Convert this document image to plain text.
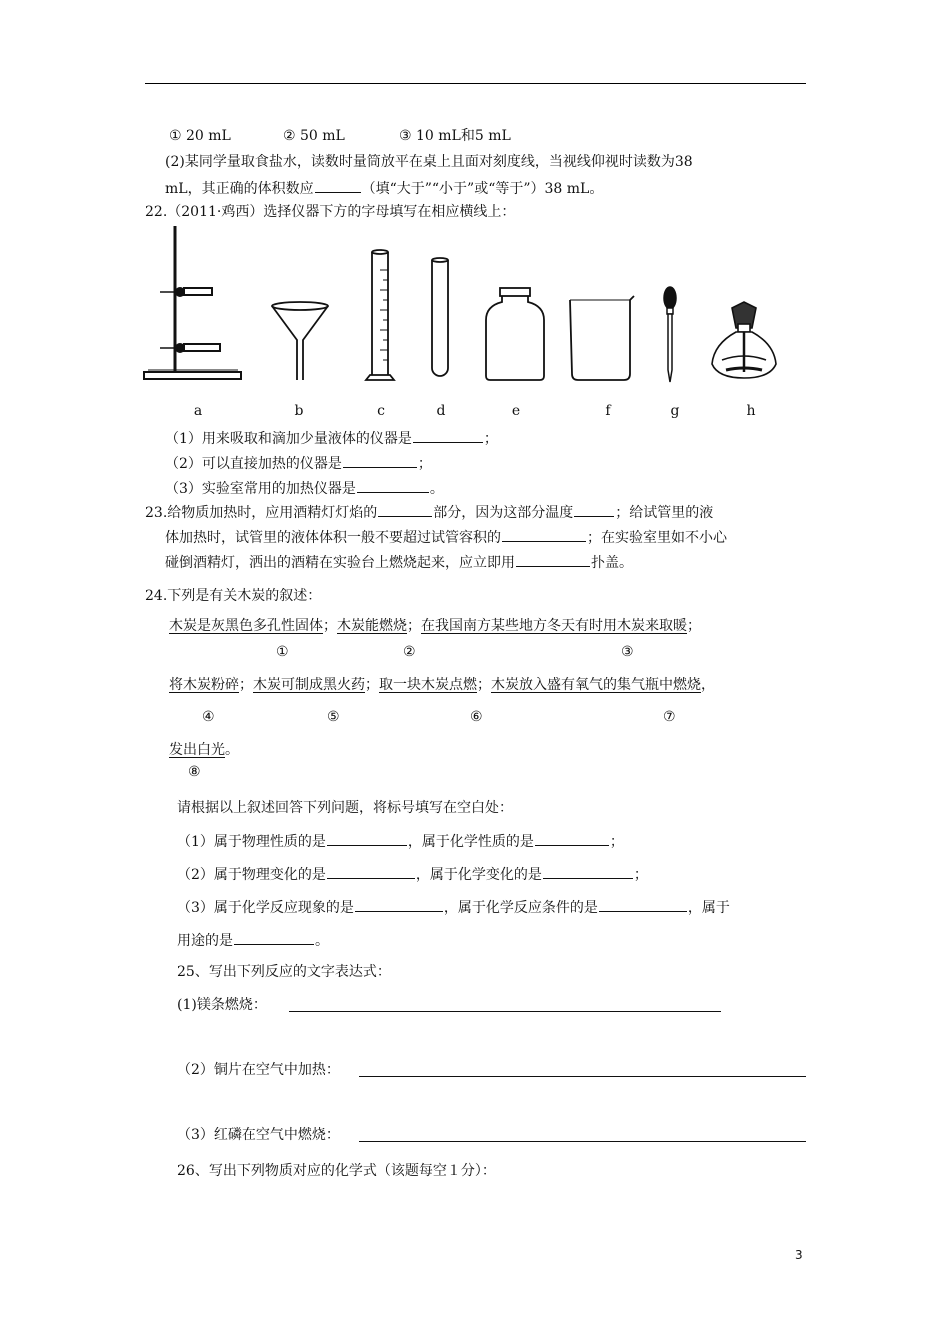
① 20 mL	② 50 mL	③ 10 mL和5 mL
(2)某同学量取食盐水，读数时量筒放平在桌上且面对刻度线，当视线仰视时读数为38
mL，其正确的体积数应	（填“大于”“小于”或“等于”）38 mL。
22.（2011·鸡西）选择仪器下方的字母填写在相应横线上：
a	b	c	d	e	f	g	h
（1）用来吸取和滴加少量液体的仪器是	；
（2）可以直接加热的仪器是	；
（3）实验室常用的加热仪器是	。
23.给物质加热时，应用酒精灯灯焰的	部分，因为这部分温度	；给试管里的液
体加热时，试管里的液体体积一般不要超过试管容积的	；在实验室里如不小心
碰倒酒精灯，洒出的酒精在实验台上燃烧起来，应立即用	扑盖。
24.下列是有关木炭的叙述：
木炭是灰黑色多孔性固体；木炭能燃烧；在我国南方某些地方冬天有时用木炭来取暖；
①	②	③
将木炭粉碎；木炭可制成黑火药；取一块木炭点燃；木炭放入盛有氧气的集气瓶中燃烧，
④	⑤	⑥	⑦
发出白光。
⑧
请根据以上叙述回答下列问题，将标号填写在空白处：
（1）属于物理性质的是	，属于化学性质的是	；
（2）属于物理变化的是	，属于化学变化的是	；
（3）属于化学反应现象的是	，属于化学反应条件的是	，属于
用途的是	。
25、写出下列反应的文字表达式：
(1)镁条燃烧：
（2）铜片在空气中加热：
（3）红磷在空气中燃烧：
26、写出下列物质对应的化学式（该题每空１分）：
3
